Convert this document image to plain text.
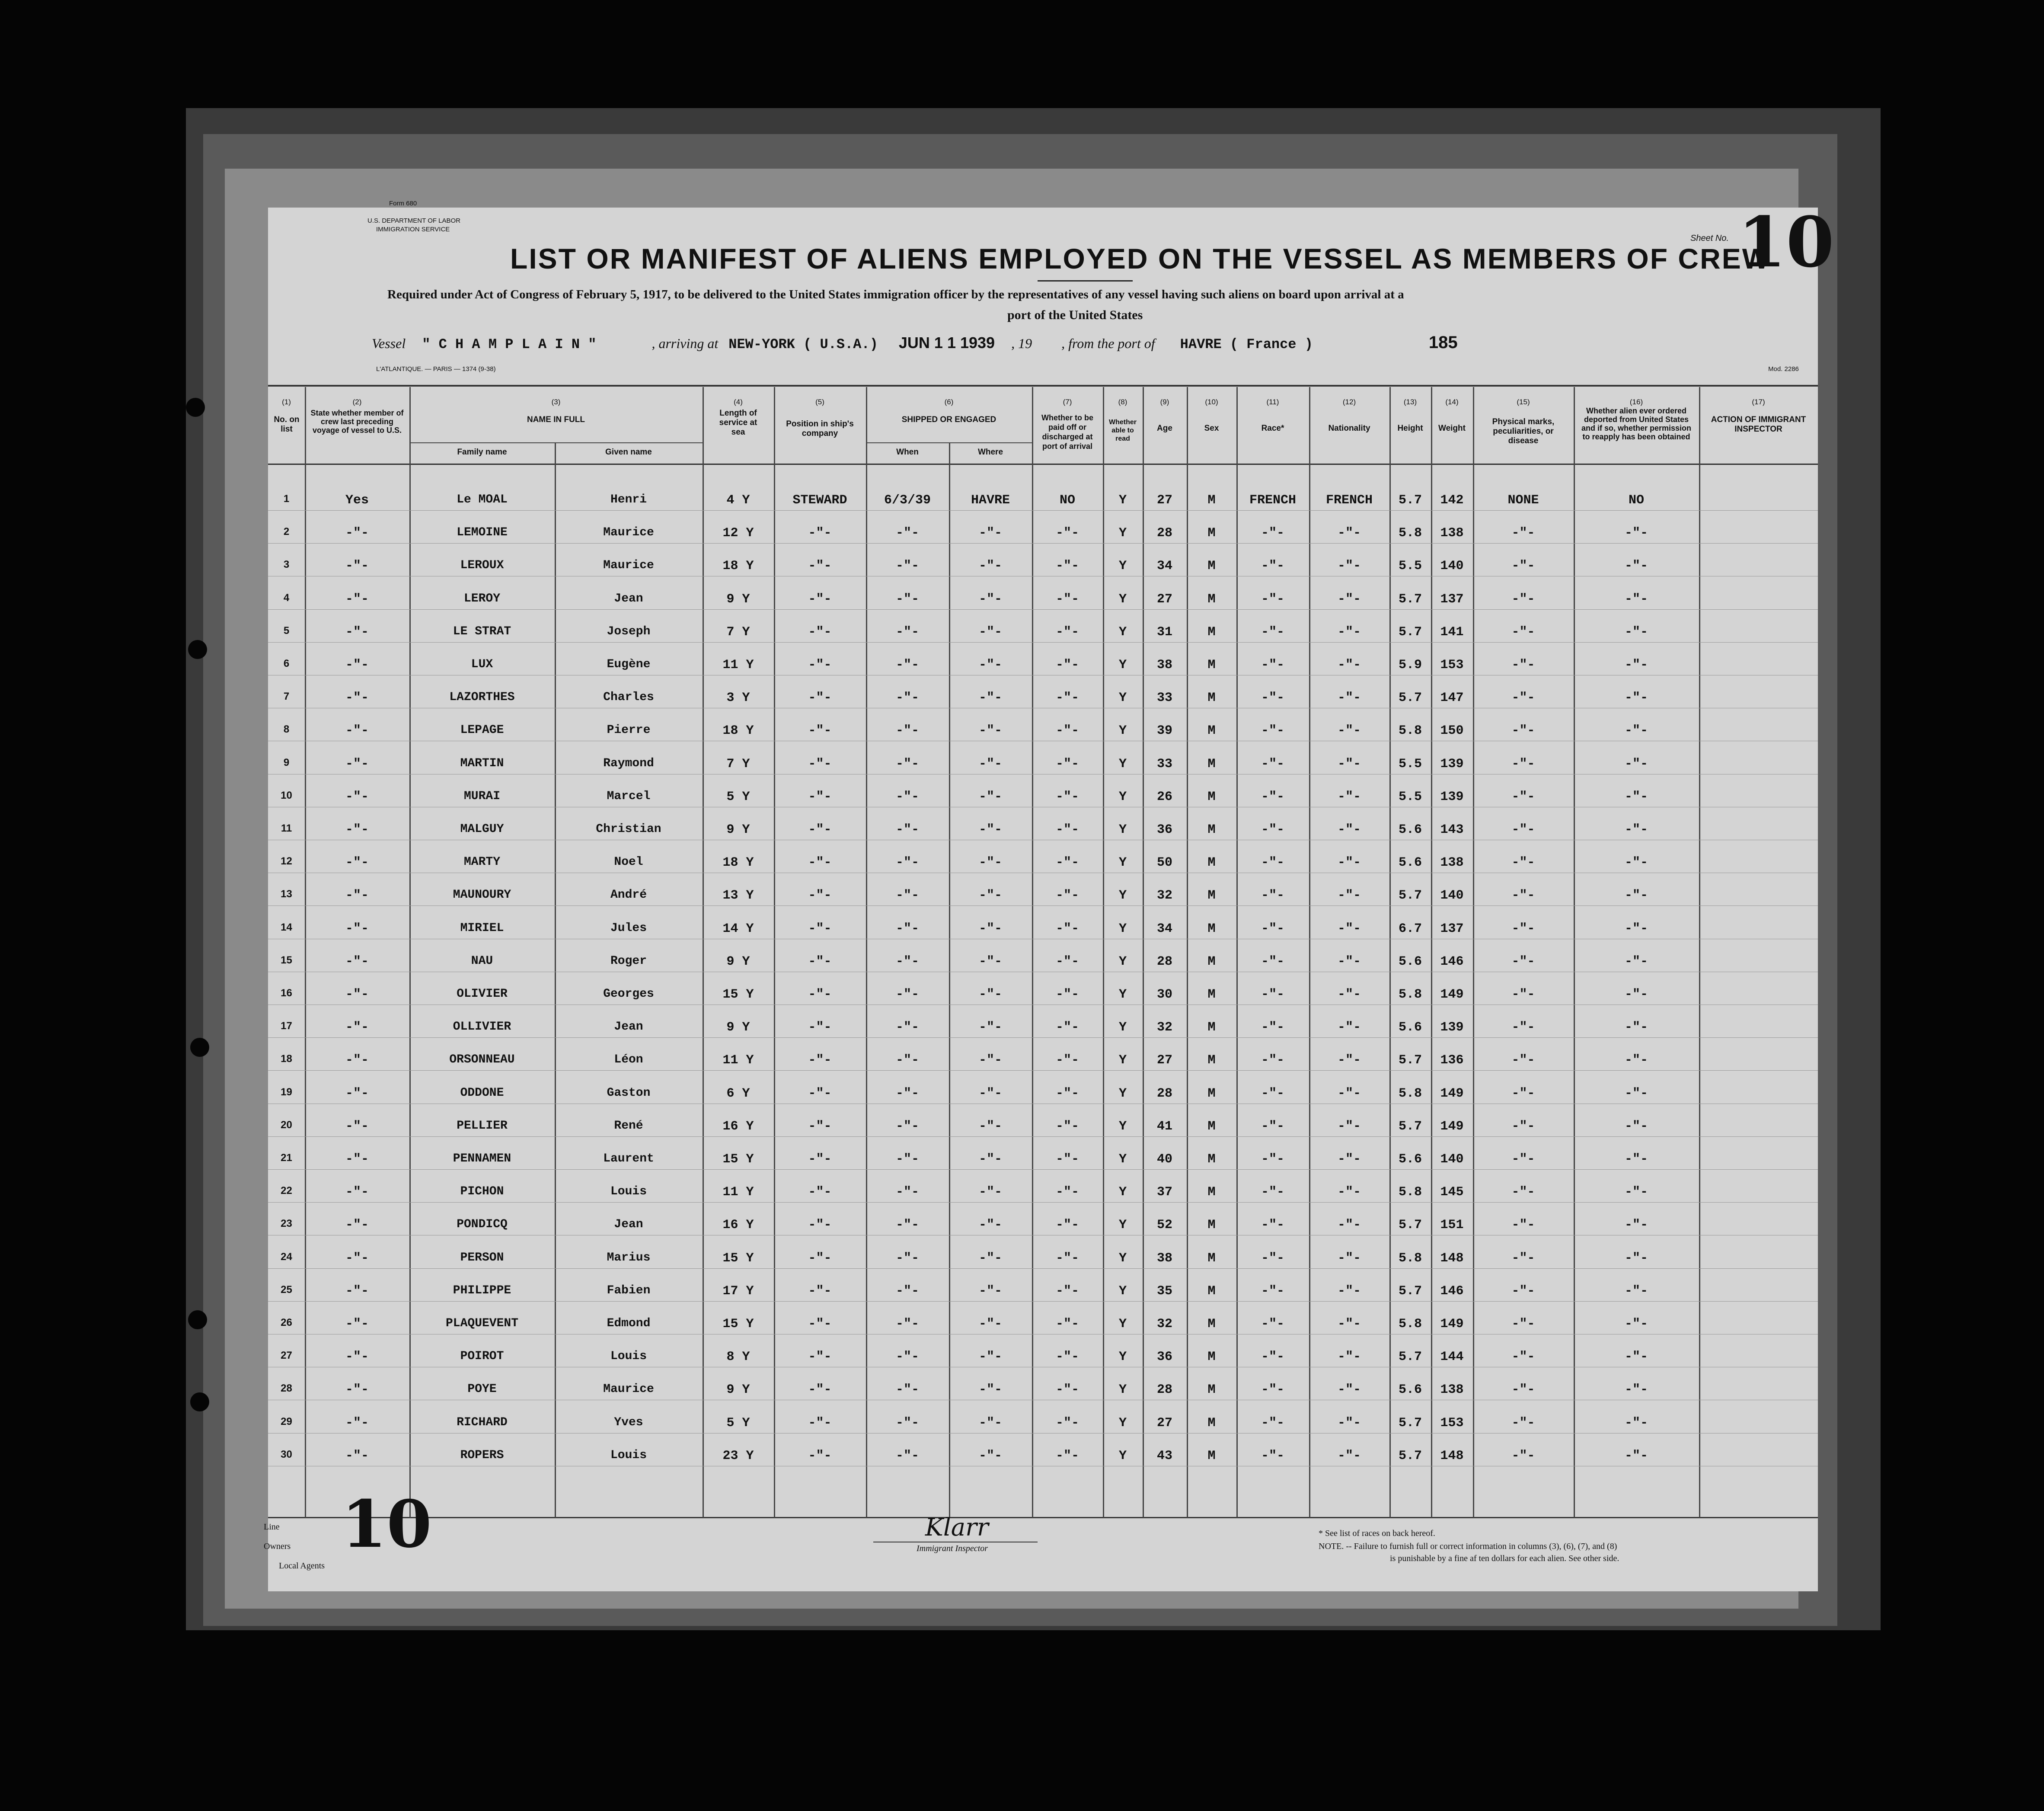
Form 680
U.S. DEPARTMENT OF LABOR
IMMIGRATION SERVICE
LIST OR MANIFEST OF ALIENS EMPLOYED ON THE VESSEL AS MEMBERS OF CREW
Sheet No. 10
Required under Act of Congress of February 5, 1917, to be delivered to the United States immigration officer by the representatives of any vessel having such aliens on board upon arrival at a
port of the United States
Vessel " C H A M P L A I N "	, arriving at NEW-YORK ( U.S.A.) JUN 1 1 1939 , 19 , from the port of HAVRE ( France )	185
L'ATLANTIQUE. — PARIS — 1374 (9-38)	Mod. 2286
(1)	(2)	(3)	(4)	(5)	(6)	(7)	(8)	(9)	(10)	(11)	(12)	(13)	(14)	(15)	(16)	(17)
No. on list
State whether member of crew last preceding voyage of vessel to U.S.
NAME IN FULL
Family name	Given name
Length of service at sea
Position in ship's company
SHIPPED OR ENGAGED
When	Where
Whether to be paid off or discharged at port of arrival
Whether able to read
Age	Sex	Race*	Nationality	Height	Weight
Physical marks, peculiarities, or disease
Whether alien ever ordered deported from United States and if so, whether permission to reapply has been obtained
ACTION OF IMMIGRANT INSPECTOR
1	Yes	Le MOAL	Henri	4 Y	STEWARD	6/3/39	HAVRE	NO	Y	27	M	FRENCH	FRENCH	5.7	142	NONE	NO
2	-"-	LEMOINE	Maurice	12 Y	-"-	-"-	-"-	-"-	Y	28	M	-"-	-"-	5.8	138	-"-	-"-
3	-"-	LEROUX	Maurice	18 Y	-"-	-"-	-"-	-"-	Y	34	M	-"-	-"-	5.5	140	-"-	-"-
4	-"-	LEROY	Jean	9 Y	-"-	-"-	-"-	-"-	Y	27	M	-"-	-"-	5.7	137	-"-	-"-
5	-"-	LE STRAT	Joseph	7 Y	-"-	-"-	-"-	-"-	Y	31	M	-"-	-"-	5.7	141	-"-	-"-
6	-"-	LUX	Eugène	11 Y	-"-	-"-	-"-	-"-	Y	38	M	-"-	-"-	5.9	153	-"-	-"-
7	-"-	LAZORTHES	Charles	3 Y	-"-	-"-	-"-	-"-	Y	33	M	-"-	-"-	5.7	147	-"-	-"-
8	-"-	LEPAGE	Pierre	18 Y	-"-	-"-	-"-	-"-	Y	39	M	-"-	-"-	5.8	150	-"-	-"-
9	-"-	MARTIN	Raymond	7 Y	-"-	-"-	-"-	-"-	Y	33	M	-"-	-"-	5.5	139	-"-	-"-
10	-"-	MURAI	Marcel	5 Y	-"-	-"-	-"-	-"-	Y	26	M	-"-	-"-	5.5	139	-"-	-"-
11	-"-	MALGUY	Christian	9 Y	-"-	-"-	-"-	-"-	Y	36	M	-"-	-"-	5.6	143	-"-	-"-
12	-"-	MARTY	Noel	18 Y	-"-	-"-	-"-	-"-	Y	50	M	-"-	-"-	5.6	138	-"-	-"-
13	-"-	MAUNOURY	André	13 Y	-"-	-"-	-"-	-"-	Y	32	M	-"-	-"-	5.7	140	-"-	-"-
14	-"-	MIRIEL	Jules	14 Y	-"-	-"-	-"-	-"-	Y	34	M	-"-	-"-	6.7	137	-"-	-"-
15	-"-	NAU	Roger	9 Y	-"-	-"-	-"-	-"-	Y	28	M	-"-	-"-	5.6	146	-"-	-"-
16	-"-	OLIVIER	Georges	15 Y	-"-	-"-	-"-	-"-	Y	30	M	-"-	-"-	5.8	149	-"-	-"-
17	-"-	OLLIVIER	Jean	9 Y	-"-	-"-	-"-	-"-	Y	32	M	-"-	-"-	5.6	139	-"-	-"-
18	-"-	ORSONNEAU	Léon	11 Y	-"-	-"-	-"-	-"-	Y	27	M	-"-	-"-	5.7	136	-"-	-"-
19	-"-	ODDONE	Gaston	6 Y	-"-	-"-	-"-	-"-	Y	28	M	-"-	-"-	5.8	149	-"-	-"-
20	-"-	PELLIER	René	16 Y	-"-	-"-	-"-	-"-	Y	41	M	-"-	-"-	5.7	149	-"-	-"-
21	-"-	PENNAMEN	Laurent	15 Y	-"-	-"-	-"-	-"-	Y	40	M	-"-	-"-	5.6	140	-"-	-"-
22	-"-	PICHON	Louis	11 Y	-"-	-"-	-"-	-"-	Y	37	M	-"-	-"-	5.8	145	-"-	-"-
23	-"-	PONDICQ	Jean	16 Y	-"-	-"-	-"-	-"-	Y	52	M	-"-	-"-	5.7	151	-"-	-"-
24	-"-	PERSON	Marius	15 Y	-"-	-"-	-"-	-"-	Y	38	M	-"-	-"-	5.8	148	-"-	-"-
25	-"-	PHILIPPE	Fabien	17 Y	-"-	-"-	-"-	-"-	Y	35	M	-"-	-"-	5.7	146	-"-	-"-
26	-"-	PLAQUEVENT	Edmond	15 Y	-"-	-"-	-"-	-"-	Y	32	M	-"-	-"-	5.8	149	-"-	-"-
27	-"-	POIROT	Louis	8 Y	-"-	-"-	-"-	-"-	Y	36	M	-"-	-"-	5.7	144	-"-	-"-
28	-"-	POYE	Maurice	9 Y	-"-	-"-	-"-	-"-	Y	28	M	-"-	-"-	5.6	138	-"-	-"-
29	-"-	RICHARD	Yves	5 Y	-"-	-"-	-"-	-"-	Y	27	M	-"-	-"-	5.7	153	-"-	-"-
30	-"-	ROPERS	Louis	23 Y	-"-	-"-	-"-	-"-	Y	43	M	-"-	-"-	5.7	148	-"-	-"-
Line
Owners
Local Agents
10	Klarr
Immigrant Inspector
* See list of races on back hereof.
NOTE. -- Failure to furnish full or correct information in columns (3), (6), (7), and (8)
is punishable by a fine af ten dollars for each alien. See other side.
